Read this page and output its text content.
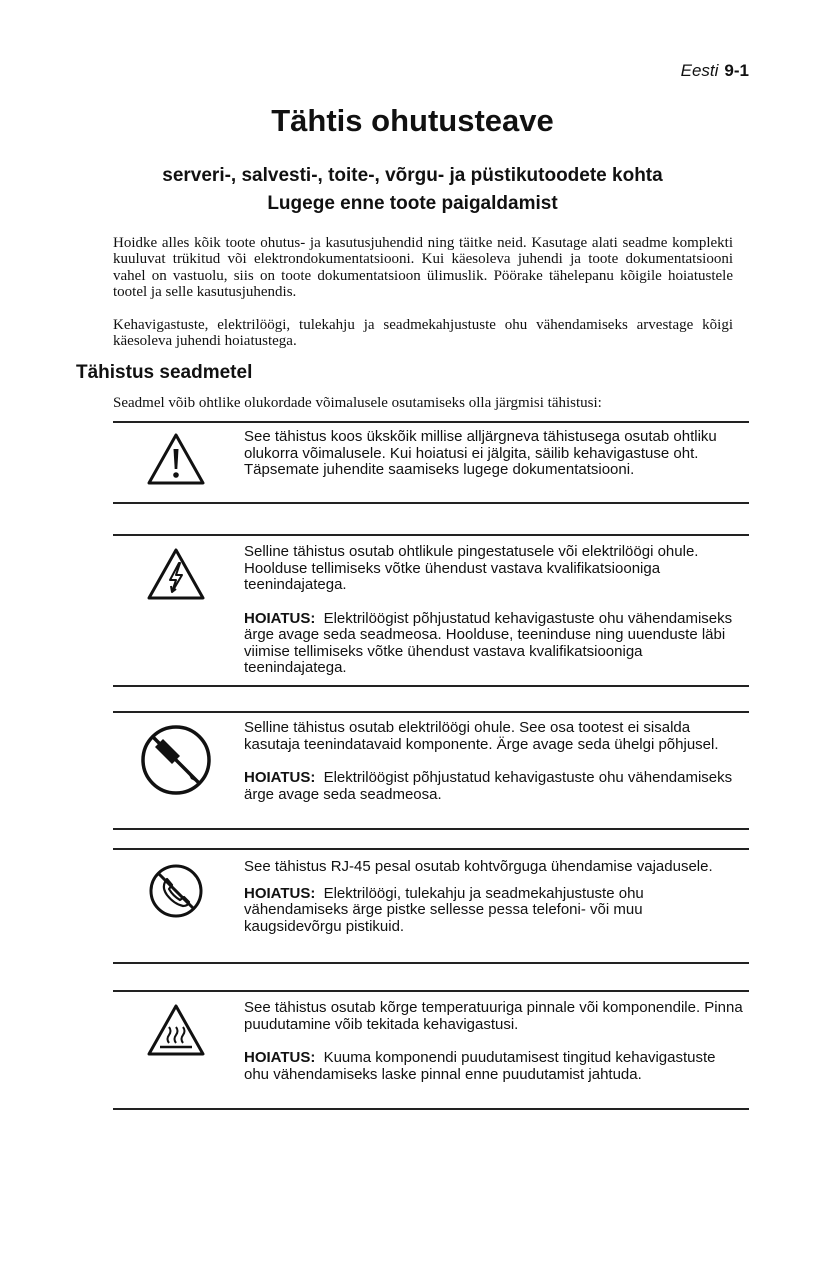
Eesti 9-1
Tähtis ohutusteave
serveri-, salvesti-, toite-, võrgu- ja püstikutoodete kohta
Lugege enne toote paigaldamist

Hoidke alles kõik toote ohutus- ja kasutusjuhendid ning täitke neid. Kasutage alati seadme komplekti kuuluvat trükitud või elektrondokumentatsiooni. Kui käesoleva juhendi ja toote dokumentatsiooni vahel on vastuolu, siis on toote dokumentatsioon ülimuslik. Pöörake tähelepanu kõigile hoiatustele tootel ja selle kasutusjuhendis.

Kehavigastuste, elektrilöögi, tulekahju ja seadmekahjustuste ohu vähendamiseks arvestage kõigi käesoleva juhendi hoiatustega.

Tähistus seadmetel

Seadmel võib ohtlike olukordade võimalusele osutamiseks olla järgmisi tähistusi:

See tähistus koos ükskõik millise alljärgneva tähistusega osutab ohtliku olukorra võimalusele. Kui hoiatusi ei jälgita, säilib kehavigastuse oht. Täpsemate juhendite saamiseks lugege dokumentatsiooni.

Selline tähistus osutab ohtlikule pingestatusele või elektrilöögi ohule. Hoolduse tellimiseks võtke ühendust vastava kvalifikatsiooniga teenindajatega.

HOIATUS: Elektrilöögist põhjustatud kehavigastuste ohu vähendamiseks ärge avage seda seadmeosa. Hoolduse, teeninduse ning uuenduste läbi viimise tellimiseks võtke ühendust vastava kvalifikatsiooniga teenindajatega.

Selline tähistus osutab elektrilöögi ohule. See osa tootest ei sisalda kasutaja teenindatavaid komponente. Ärge avage seda ühelgi põhjusel.

HOIATUS: Elektrilöögist põhjustatud kehavigastuste ohu vähendamiseks ärge avage seda seadmeosa.

See tähistus RJ-45 pesal osutab kohtvõrguga ühendamise vajadusele.

HOIATUS: Elektrilöögi, tulekahju ja seadmekahjustuste ohu vähendamiseks ärge pistke sellesse pessa telefoni- või muu kaugsidevõrgu pistikuid.

See tähistus osutab kõrge temperatuuriga pinnale või komponendile. Pinna puudutamine võib tekitada kehavigastusi.

HOIATUS: Kuuma komponendi puudutamisest tingitud kehavigastuste ohu vähendamiseks laske pinnal enne puudutamist jahtuda.
